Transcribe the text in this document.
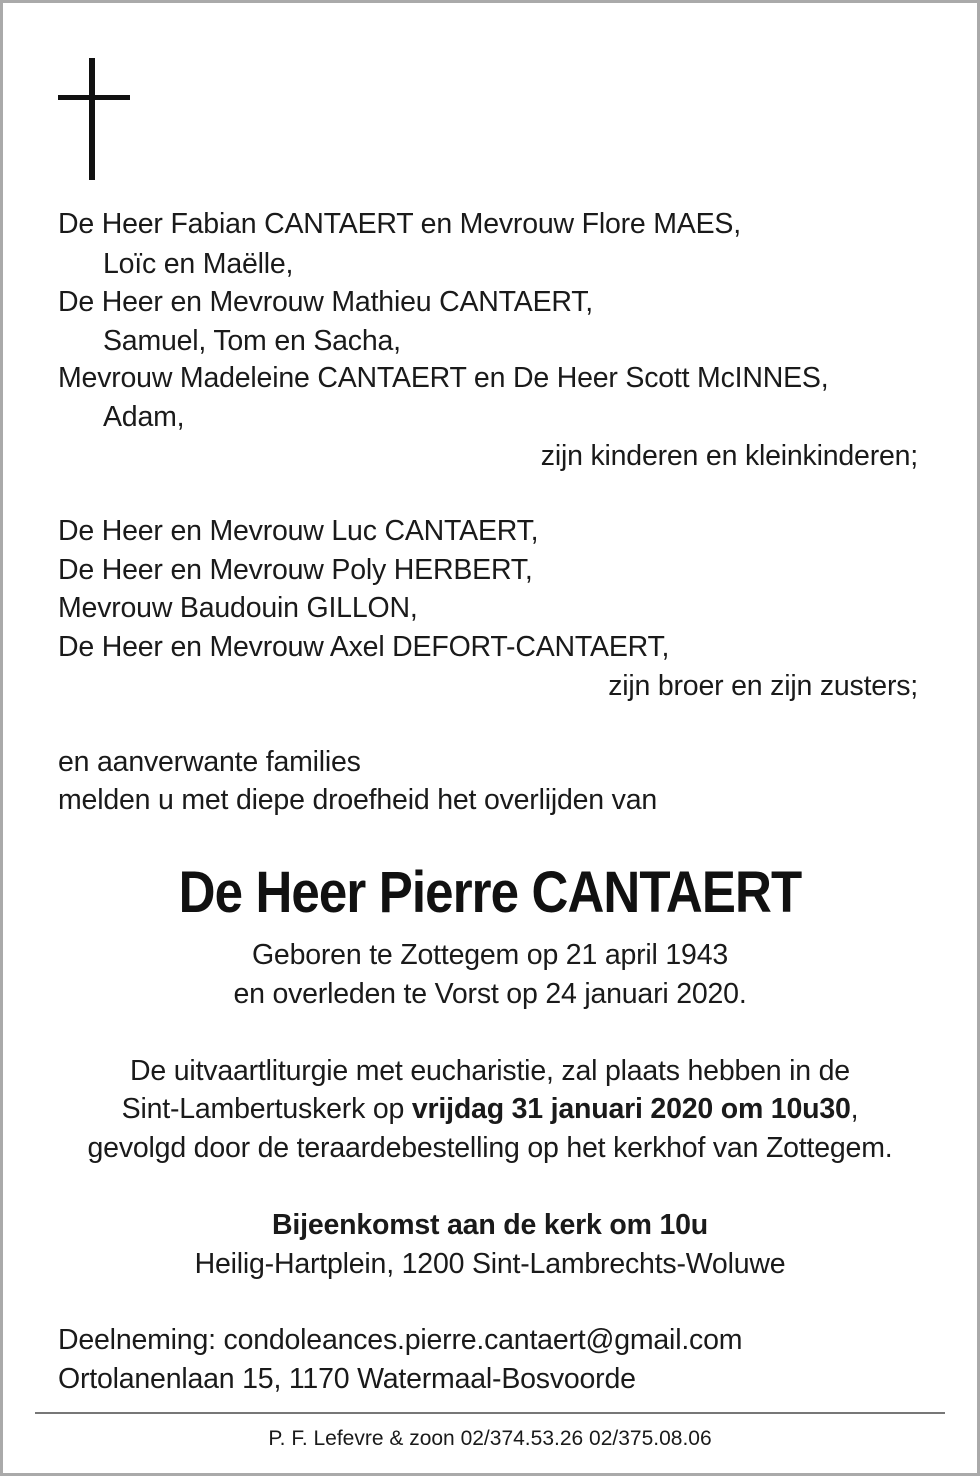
De Heer Fabian CANTAERT en Mevrouw Flore MAES,
Loïc en Maëlle,
De Heer en Mevrouw Mathieu CANTAERT,
Samuel, Tom en Sacha,
Mevrouw Madeleine CANTAERT en De Heer Scott McINNES,
Adam,
zijn kinderen en kleinkinderen;
De Heer en Mevrouw Luc CANTAERT,
De Heer en Mevrouw Poly HERBERT,
Mevrouw Baudouin GILLON,
De Heer en Mevrouw Axel DEFORT-CANTAERT,
zijn broer en zijn zusters;
en aanverwante families
melden u met diepe droefheid het overlijden van
De Heer Pierre CANTAERT
Geboren te Zottegem op 21 april 1943
en overleden te Vorst op 24 januari 2020.
De uitvaartliturgie met eucharistie, zal plaats hebben in de
Sint-Lambertuskerk op vrijdag 31 januari 2020 om 10u30,
gevolgd door de teraardebestelling op het kerkhof van Zottegem.
Bijeenkomst aan de kerk om 10u
Heilig-Hartplein, 1200 Sint-Lambrechts-Woluwe
Deelneming: condoleances.pierre.cantaert@gmail.com
Ortolanenlaan 15, 1170 Watermaal-Bosvoorde
P. F. Lefevre & zoon 02/374.53.26 02/375.08.06
